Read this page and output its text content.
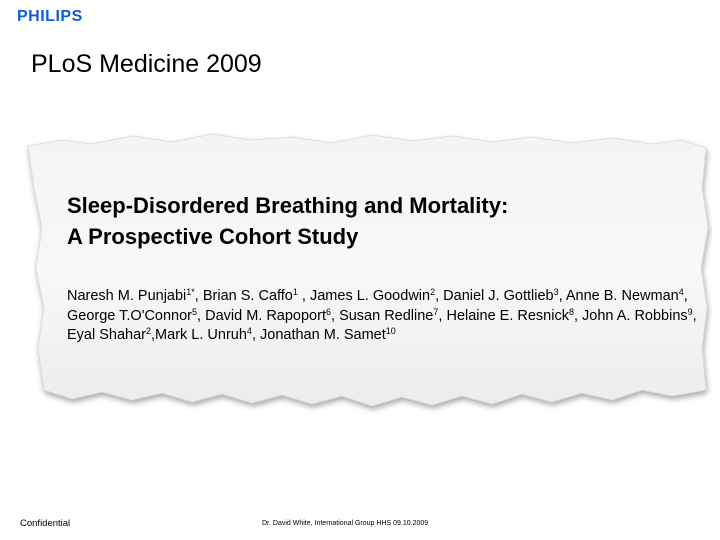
PHILIPS
PLoS Medicine 2009
Sleep-Disordered Breathing and Mortality:
A Prospective Cohort Study
Naresh M. Punjabi$^{1*}$, Brian S. Caffo$^1$ , James L. Goodwin$^2$, Daniel J. Gottlieb$^3$, Anne B. Newman$^4$, George T.O'Connor$^5$, David M. Rapoport$^6$, Susan Redline$^7$, Helaine E. Resnick$^8$, John A. Robbins$^9$, Eyal Shahar$^2$,Mark L. Unruh$^4$, Jonathan M. Samet$^{10}$
Confidential	Dr. David White, International Group HHS 09.10.2009
